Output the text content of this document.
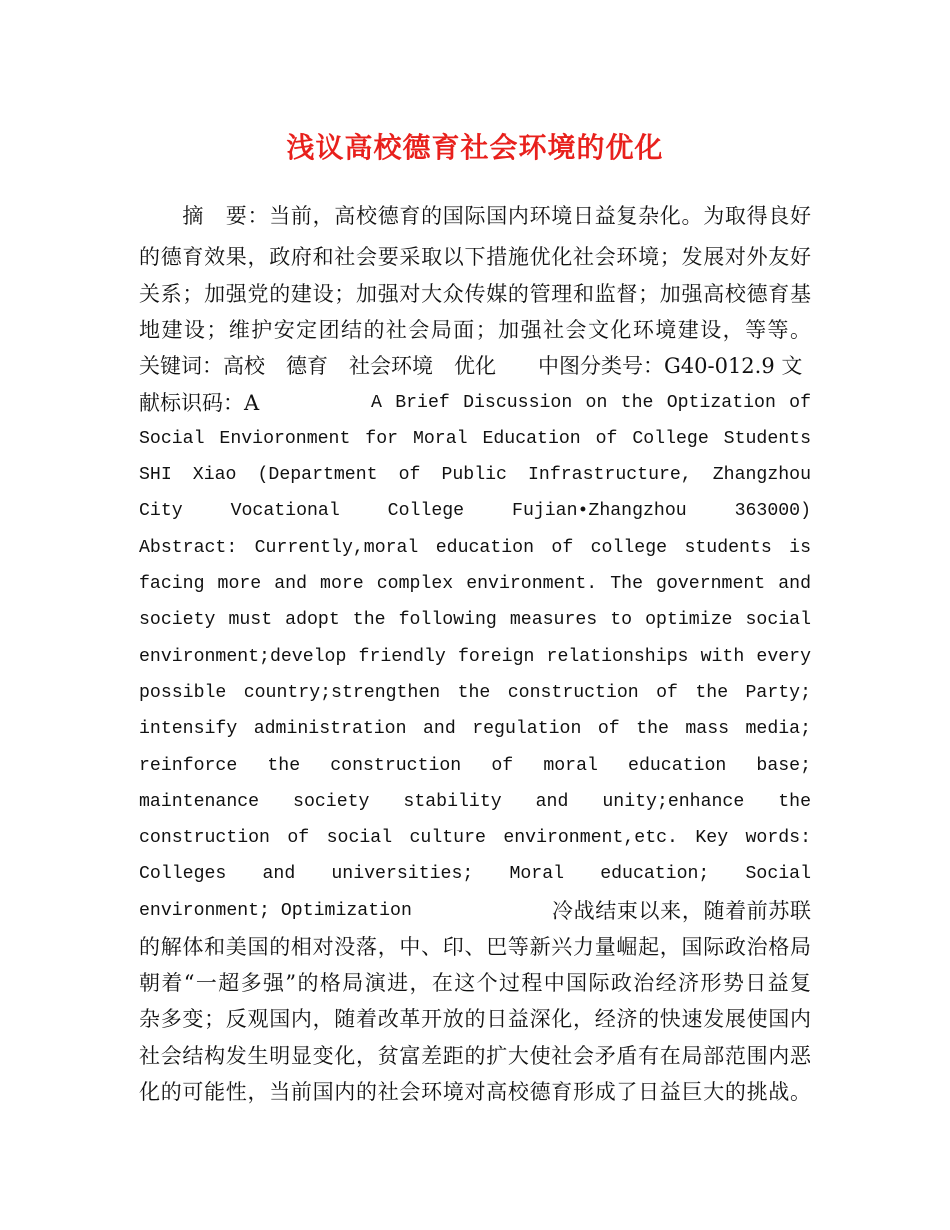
浅议高校德育社会环境的优化
　　摘　要：当前，高校德育的国际国内环境日益复杂化。为取得良好
的德育效果，政府和社会要采取以下措施优化社会环境；发展对外友好
关系；加强党的建设；加强对大众传媒的管理和监督；加强高校德育基
地建设；维护安定团结的社会局面；加强社会文化环境建设，等等。
关键词：高校　德育　社会环境　优化　　中图分类号：G40-012.9 文
献标识码：A	A Brief Discussion on the Optization of
Social Envioronment for Moral Education of College Students
SHI Xiao (Department of Public Infrastructure, Zhangzhou
City Vocational College Fujian•Zhangzhou 363000)
Abstract: Currently,moral education of college students is
facing more and more complex environment. The government and
society must adopt the following measures to optimize social
environment;develop friendly foreign relationships with every
possible country;strengthen the construction of the Party;
intensify administration and regulation of the mass media;
reinforce the construction of moral education base;
maintenance society stability and unity;enhance the
construction of social culture environment,etc. Key words:
Colleges and universities; Moral education; Social
environment; Optimization	冷战结束以来，随着前苏联
的解体和美国的相对没落，中、印、巴等新兴力量崛起，国际政治格局
朝着“一超多强”的格局演进，在这个过程中国际政治经济形势日益复
杂多变；反观国内，随着改革开放的日益深化，经济的快速发展使国内
社会结构发生明显变化，贫富差距的扩大使社会矛盾有在局部范围内恶
化的可能性，当前国内的社会环境对高校德育形成了日益巨大的挑战。
